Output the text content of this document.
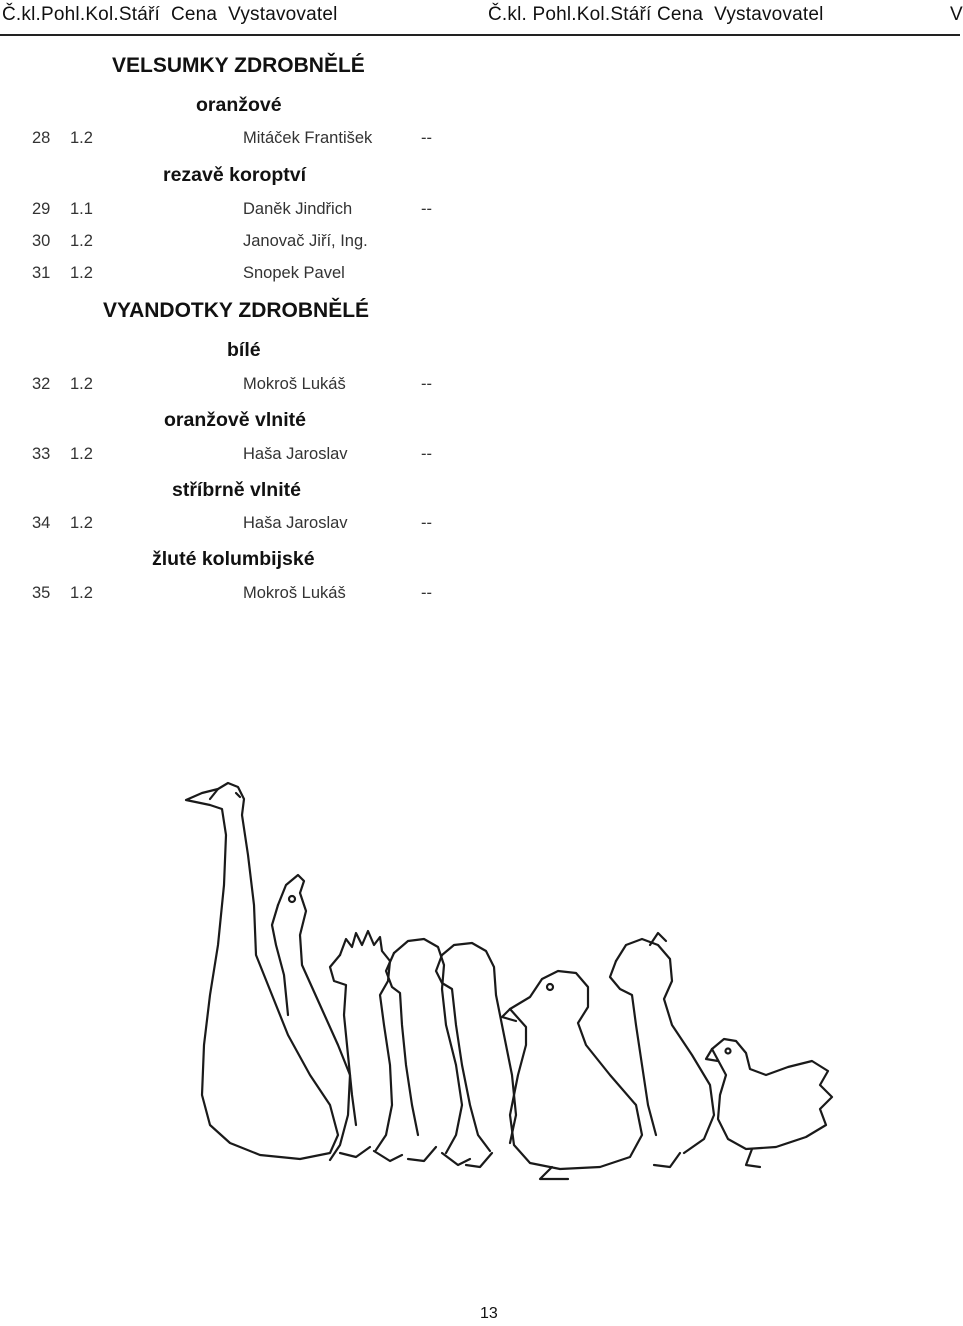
Č.kl.Pohl.Kol.Stáří Cena Vystavovatel	Č.kl. Pohl.Kol.Stáří Cena Vystavovatel	V
VELSUMKY ZDROBNĚLÉ
oranžové
28 1.2	Mitáček František	--
rezavě koroptví
29 1.1	Daněk Jindřich	--
30 1.2	Janovač Jiří, Ing.
31 1.2	Snopek Pavel
VYANDOTKY ZDROBNĚLÉ
bílé
32 1.2	Mokroš Lukáš	--
oranžově vlnité
33 1.2	Haša Jaroslav	--
stříbrně vlnité
34 1.2	Haša Jaroslav	--
žluté kolumbijské
35 1.2	Mokroš Lukáš	--
13
